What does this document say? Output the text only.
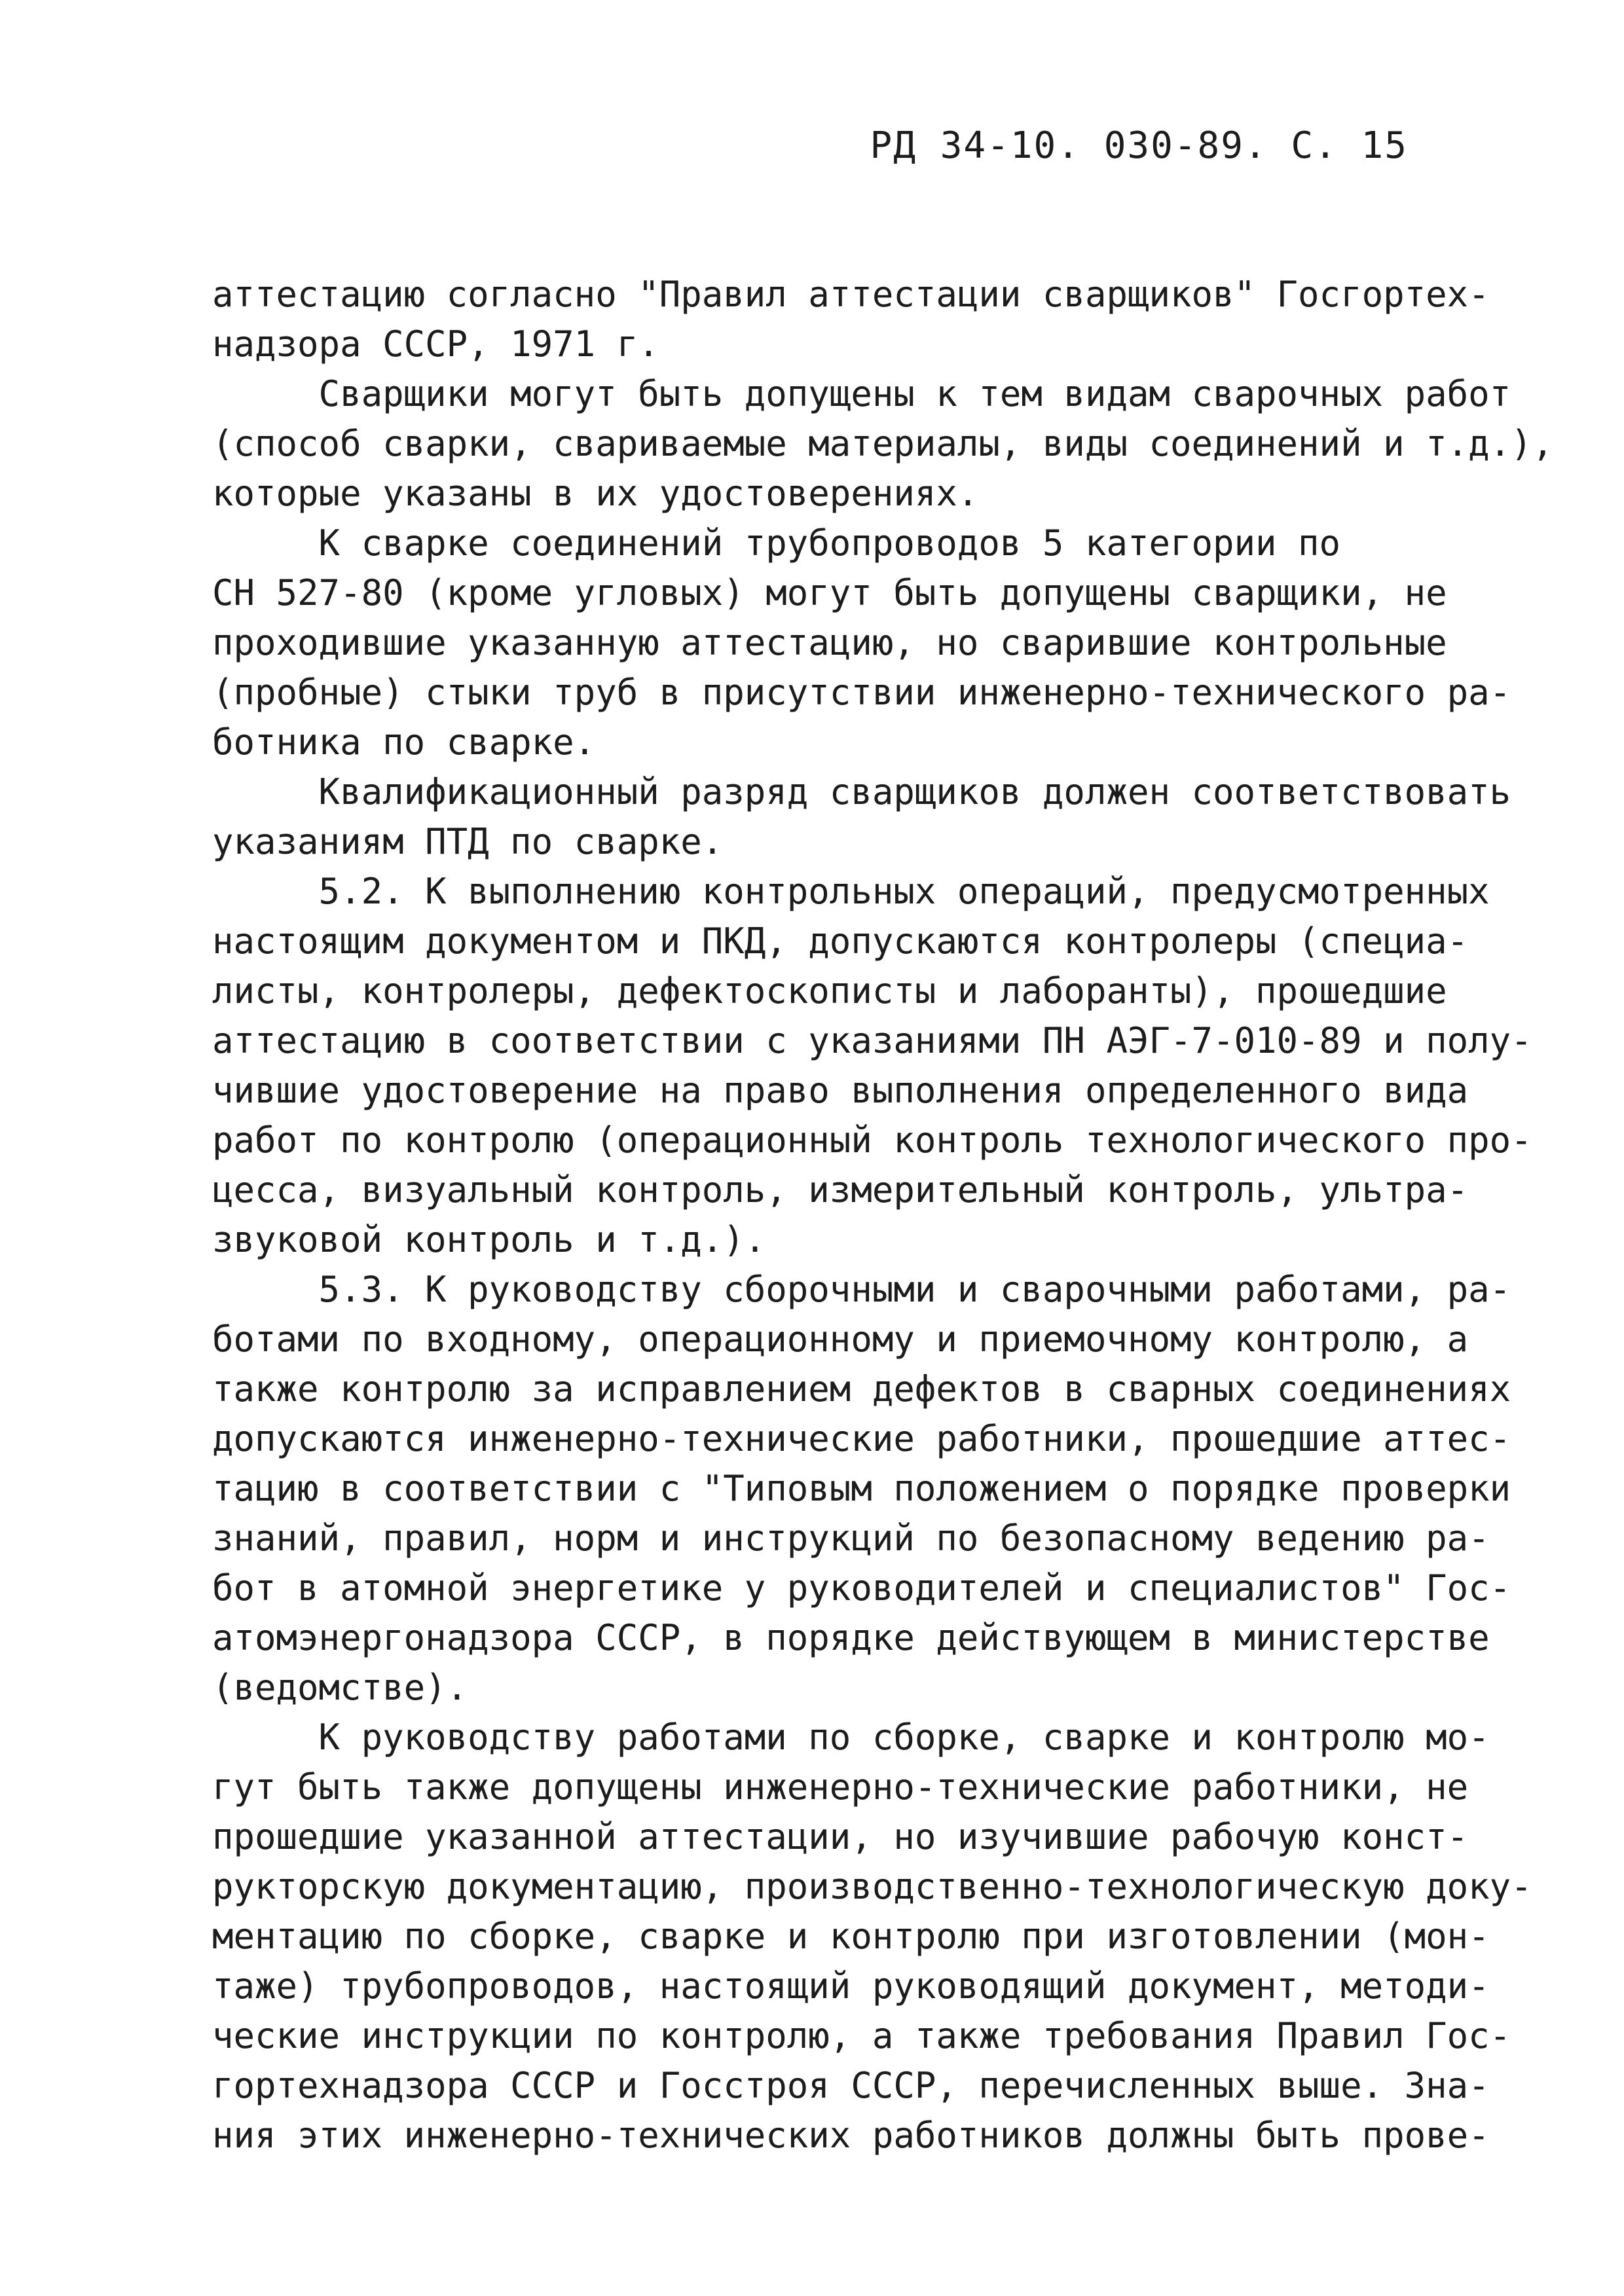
РД 34-10. 030-89. С. 15
аттестацию согласно "Правил аттестации сварщиков" Госгортех-
надзора СССР, 1971 г.
Сварщики могут быть допущены к тем видам сварочных работ
(способ сварки, свариваемые материалы, виды соединений и т.д.),
которые указаны в их удостоверениях.
К сварке соединений трубопроводов 5 категории по
СН 527-80 (кроме угловых) могут быть допущены сварщики, не
проходившие указанную аттестацию, но сварившие контрольные
(пробные) стыки труб в присутствии инженерно-технического ра-
ботника по сварке.
Квалификационный разряд сварщиков должен соответствовать
указаниям ПТД по сварке.
5.2. К выполнению контрольных операций, предусмотренных
настоящим документом и ПКД, допускаются контролеры (специа-
листы, контролеры, дефектоскописты и лаборанты), прошедшие
аттестацию в соответствии с указаниями ПН АЭГ-7-010-89 и полу-
чившие удостоверение на право выполнения определенного вида
работ по контролю (операционный контроль технологического про-
цесса, визуальный контроль, измерительный контроль, ультра-
звуковой контроль и т.д.).
5.3. К руководству сборочными и сварочными работами, ра-
ботами по входному, операционному и приемочному контролю, а
также контролю за исправлением дефектов в сварных соединениях
допускаются инженерно-технические работники, прошедшие аттес-
тацию в соответствии с "Типовым положением о порядке проверки
знаний, правил, норм и инструкций по безопасному ведению ра-
бот в атомной энергетике у руководителей и специалистов" Гос-
атомэнергонадзора СССР, в порядке действующем в министерстве
(ведомстве).
К руководству работами по сборке, сварке и контролю мо-
гут быть также допущены инженерно-технические работники, не
прошедшие указанной аттестации, но изучившие рабочую конст-
рукторскую документацию, производственно-технологическую доку-
ментацию по сборке, сварке и контролю при изготовлении (мон-
таже) трубопроводов, настоящий руководящий документ, методи-
ческие инструкции по контролю, а также требования Правил Гос-
гортехнадзора СССР и Госстроя СССР, перечисленных выше. Зна-
ния этих инженерно-технических работников должны быть прове-
